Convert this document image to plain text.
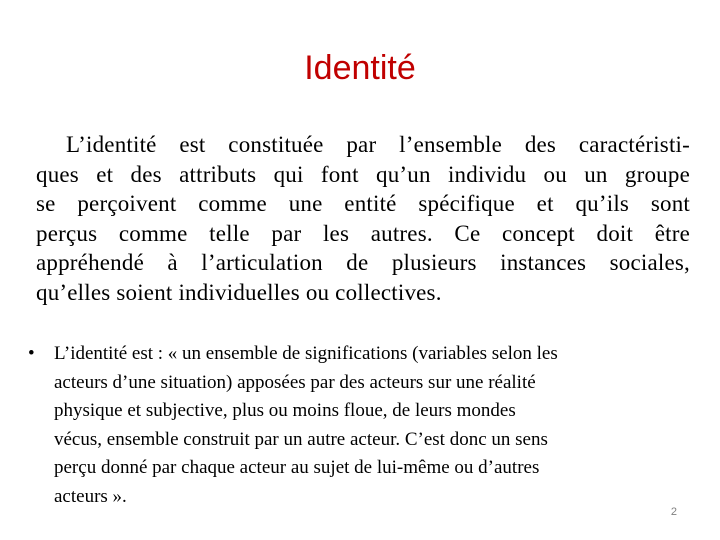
Identité
L’identité est constituée par l’ensemble des caractéristi-
ques et des attributs qui font qu’un individu ou un groupe
se perçoivent comme une entité spécifique et qu’ils sont
perçus comme telle par les autres. Ce concept doit être
appréhendé à l’articulation de plusieurs instances sociales,
qu’elles soient individuelles ou collectives.
• L’identité est : « un ensemble de significations (variables selon les
acteurs d’une situation) apposées par des acteurs sur une réalité
physique et subjective, plus ou moins floue, de leurs mondes
vécus, ensemble construit par un autre acteur. C’est donc un sens
perçu donné par chaque acteur au sujet de lui-même ou d’autres
acteurs ».
2
